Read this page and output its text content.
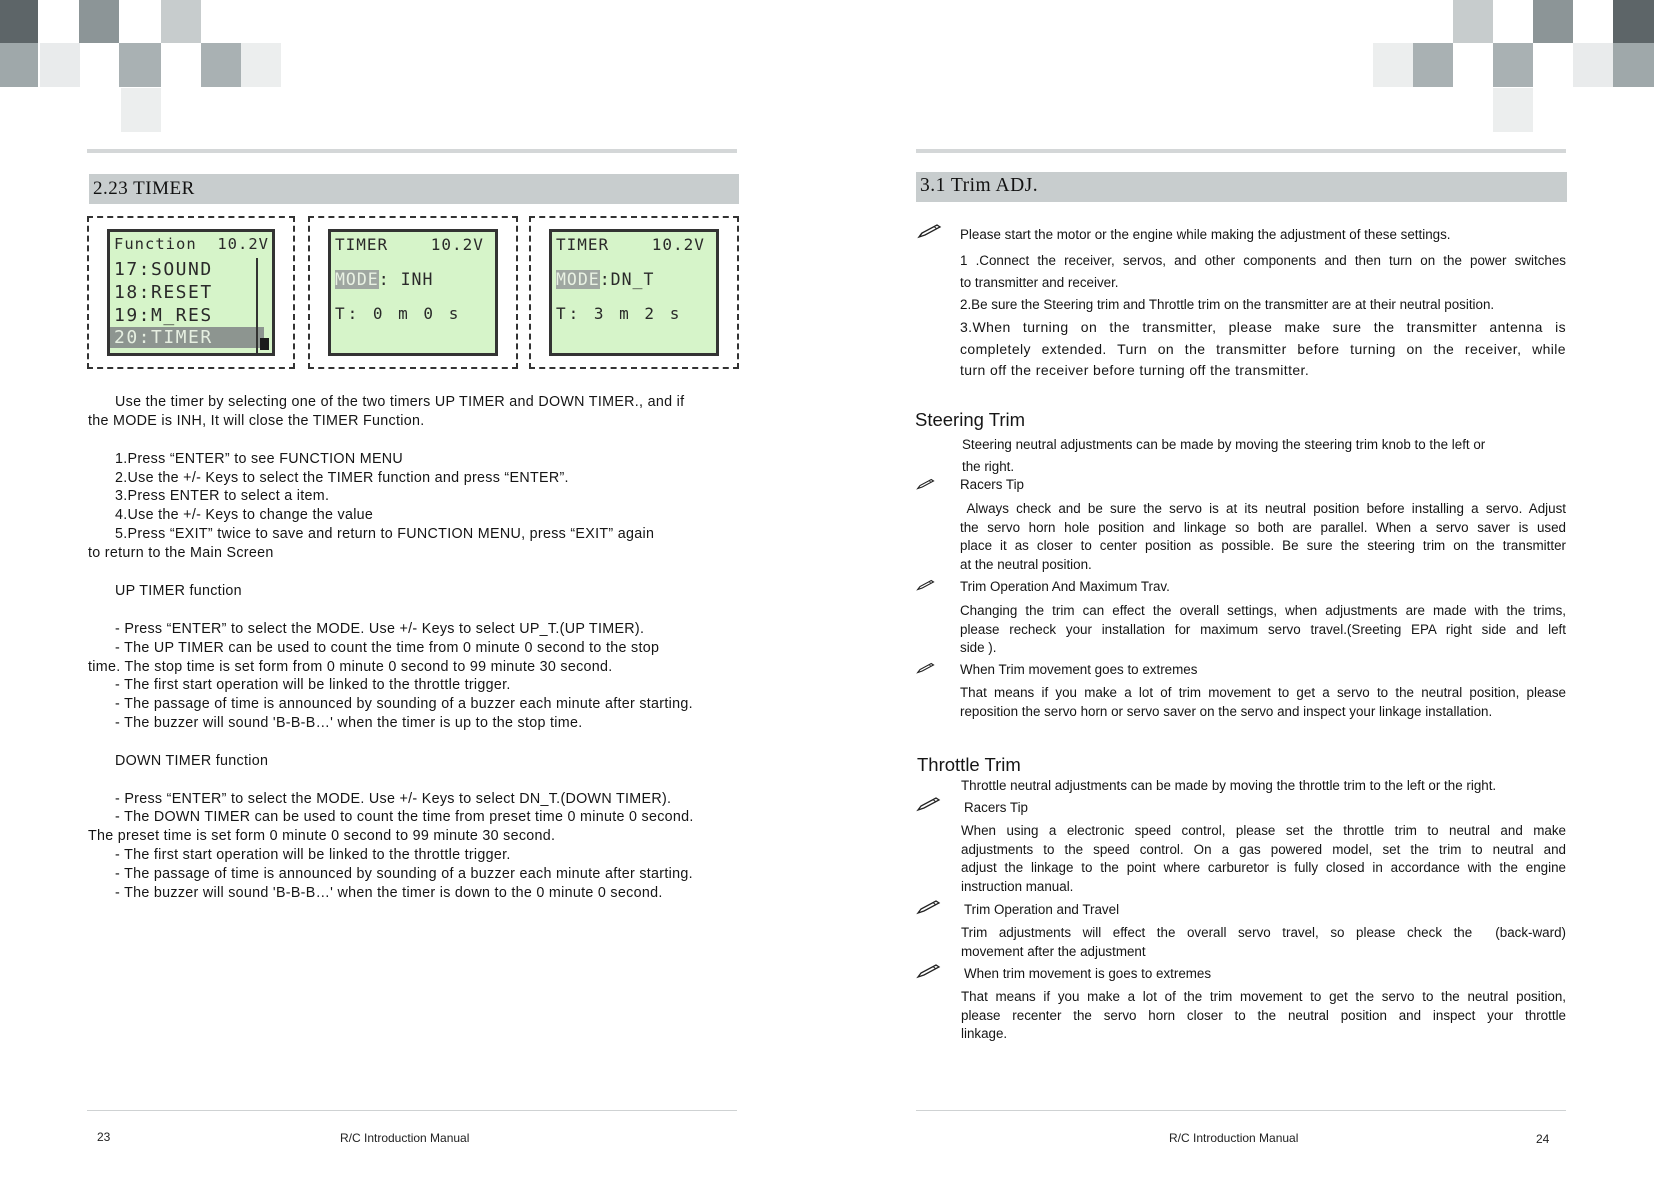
2.23 TIMER
Function  10.2V
17:SOUND
18:RESET
19:M_RES
20:TIMER
TIMER    10.2V
MODE: INH
T: 0 m 0 s
TIMER    10.2V
MODE:DN_T
T: 3 m 2 s
Use the timer by selecting one of the two timers UP TIMER and DOWN TIMER., and if
the MODE is INH, It will close the TIMER Function.
1.Press “ENTER” to see FUNCTION MENU
2.Use the +/- Keys to select the TIMER function and press “ENTER”.
3.Press ENTER to select a item.
4.Use the +/- Keys to change the value
5.Press “EXIT” twice to save and return to FUNCTION MENU, press “EXIT” again
to return to the Main Screen
UP TIMER function
- Press “ENTER” to select the MODE. Use +/- Keys to select UP_T.(UP TIMER).
- The UP TIMER can be used to count the time from 0 minute 0 second to the stop
time. The stop time is set form from 0 minute 0 second to 99 minute 30 second.
- The first start operation will be linked to the throttle trigger.
- The passage of time is announced by sounding of a buzzer each minute after starting.
- The buzzer will sound 'B-B-B…' when the timer is up to the stop time.
DOWN TIMER function
- Press “ENTER” to select the MODE. Use +/- Keys to select DN_T.(DOWN TIMER).
- The DOWN TIMER can be used to count the time from preset time 0 minute 0 second.
The preset time is set form 0 minute 0 second to 99 minute 30 second.
- The first start operation will be linked to the throttle trigger.
- The passage of time is announced by sounding of a buzzer each minute after starting.
- The buzzer will sound 'B-B-B…' when the timer is down to the 0 minute 0 second.
23	R/C Introduction Manual
3.1 Trim ADJ.
Please start the motor or the engine while making the adjustment of these settings.
1 .Connect the receiver, servos, and other components and then turn on the power switches
to transmitter and receiver.
2.Be sure the Steering trim and Throttle trim on the transmitter are at their neutral position.
3.When turning on the transmitter, please make sure the transmitter antenna is
completely extended. Turn on the transmitter before turning on the receiver, while
turn off the receiver before turning off the transmitter.
Steering Trim
Steering neutral adjustments can be made by moving the steering trim knob to the left or
the right.
Racers Tip
Always check and be sure the servo is at its neutral position before installing a servo. Adjust
the servo horn hole position and linkage so both are parallel. When a servo saver is used
place it as closer to center position as possible. Be sure the steering trim on the transmitter
at the neutral position.
Trim Operation And Maximum Trav.
Changing the trim can effect the overall settings, when adjustments are made with the trims,
please recheck your installation for maximum servo travel.(Sreeting EPA right side and left
side ).
When Trim movement goes to extremes
That means if you make a lot of trim movement to get a servo to the neutral position, please
reposition the servo horn or servo saver on the servo and inspect your linkage installation.
Throttle Trim
Throttle neutral adjustments can be made by moving the throttle trim to the left or the right.
Racers Tip
When using a electronic speed control, please set the throttle trim to neutral and make
adjustments to the speed control. On a gas powered model, set the trim to neutral and
adjust the linkage to the point where carburetor is fully closed in accordance with the engine
instruction manual.
Trim Operation and Travel
Trim adjustments will effect the overall servo travel, so please check the  (back-ward)
movement after the adjustment
When trim movement is goes to extremes
That means if you make a lot of the trim movement to get the servo to the neutral position,
please recenter the servo horn closer to the neutral position and inspect your throttle
linkage.
R/C Introduction Manual	24
